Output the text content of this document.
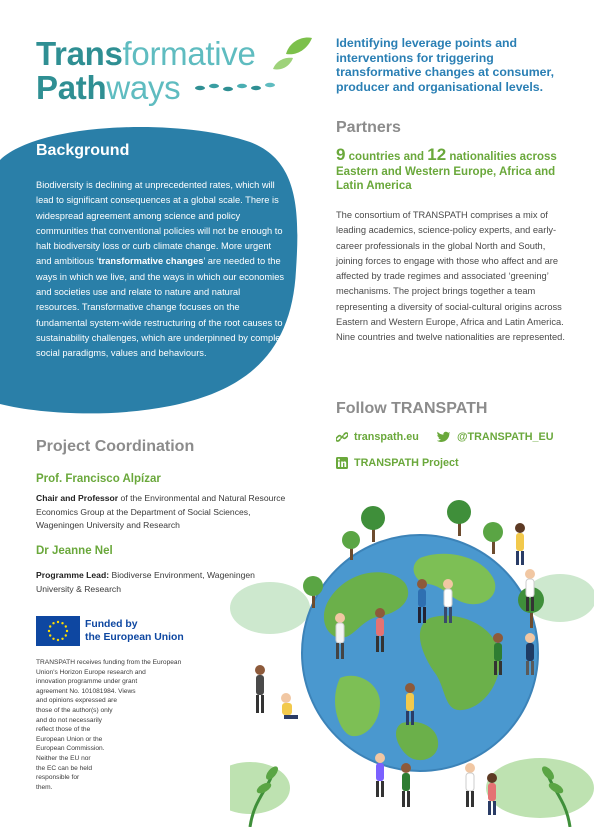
Transformative
Pathways
Identifying leverage points and interventions for triggering transformative changes at consumer, producer and organisational levels.
Background
Biodiversity is declining at unprecedented rates, which will lead to significant consequences at a global scale. There is widespread agreement among science and policy communities that conventional policies will not be enough to halt biodiversity loss or curb climate change. More urgent and ambitious ‘transformative changes’ are needed to the ways in which we live, and the ways in which our economies and societies use and relate to nature and natural resources. Transformative change focuses on the fundamental system-wide restructuring of the root causes to sustainability challenges, which are underpinned by complex social paradigms, values and behaviours.
Partners
9 countries and 12 nationalities across Eastern and Western Europe, Africa and Latin America
The consortium of TRANSPATH comprises a mix of leading academics, science-policy experts, and early-career professionals in the global North and South, joining forces to engage with those who affect and are affected by trade regimes and associated ‘greening’ mechanisms. The project brings together a team representing a diversity of social-cultural origins across Eastern and Western Europe, Africa and Latin America. Nine countries and twelve nationalities are represented.
Follow TRANSPATH
transpath.eu	@TRANSPATH_EU
TRANSPATH Project
Project Coordination
Prof. Francisco Alpízar
Chair and Professor of the Environmental and Natural Resource Economics Group at the Department of Social Sciences, Wageningen University and Research
Dr Jeanne Nel
Programme Lead: Biodiverse Environment, Wageningen University & Research
Funded by
the European Union
TRANSPATH receives funding from the European
Union's Horizon Europe research and
innovation programme under grant
agreement No. 101081984. Views
and opinions expressed are
those of the author(s) only
and do not necessarily
reflect those of the
European Union or the
European Commission.
Neither the EU nor
the EC can be held
responsible for
them.
